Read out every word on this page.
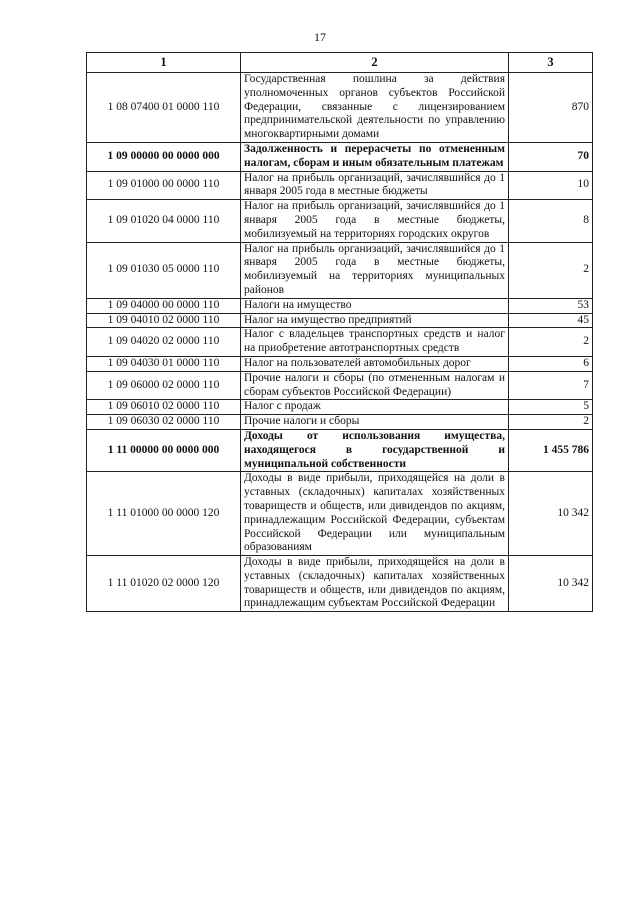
17
1	2	3
1 08 07400 01 0000 110	Государственная пошлина за действия уполномоченных органов субъектов Российской Федерации, связанные с лицензированием предпринимательской деятельности по управлению многоквартирными домами	870
1 09 00000 00 0000 000	Задолженность и перерасчеты по отмененным налогам, сборам и иным обязательным платежам	70
1 09 01000 00 0000 110	Налог на прибыль организаций, зачислявшийся до 1 января 2005 года в местные бюджеты	10
1 09 01020 04 0000 110	Налог на прибыль организаций, зачислявшийся до 1 января 2005 года в местные бюджеты, мобилизуемый на территориях городских округов	8
1 09 01030 05 0000 110	Налог на прибыль организаций, зачислявшийся до 1 января 2005 года в местные бюджеты, мобилизуемый на территориях муниципальных районов	2
1 09 04000 00 0000 110	Налоги на имущество	53
1 09 04010 02 0000 110	Налог на имущество предприятий	45
1 09 04020 02 0000 110	Налог с владельцев транспортных средств и налог на приобретение автотранспортных средств	2
1 09 04030 01 0000 110	Налог на пользователей автомобильных дорог	6
1 09 06000 02 0000 110	Прочие налоги и сборы (по отмененным налогам и сборам субъектов Российской Федерации)	7
1 09 06010 02 0000 110	Налог с продаж	5
1 09 06030 02 0000 110	Прочие налоги и сборы	2
1 11 00000 00 0000 000	Доходы от использования имущества, находящегося в государственной и муниципальной собственности	1 455 786
1 11 01000 00 0000 120	Доходы в виде прибыли, приходящейся на доли в уставных (складочных) капиталах хозяйственных товариществ и обществ, или дивидендов по акциям, принадлежащим Российской Федерации, субъектам Российской Федерации или муниципальным образованиям	10 342
1 11 01020 02 0000 120	Доходы в виде прибыли, приходящейся на доли в уставных (складочных) капиталах хозяйственных товариществ и обществ, или дивидендов по акциям, принадлежащим субъектам Российской Федерации	10 342
